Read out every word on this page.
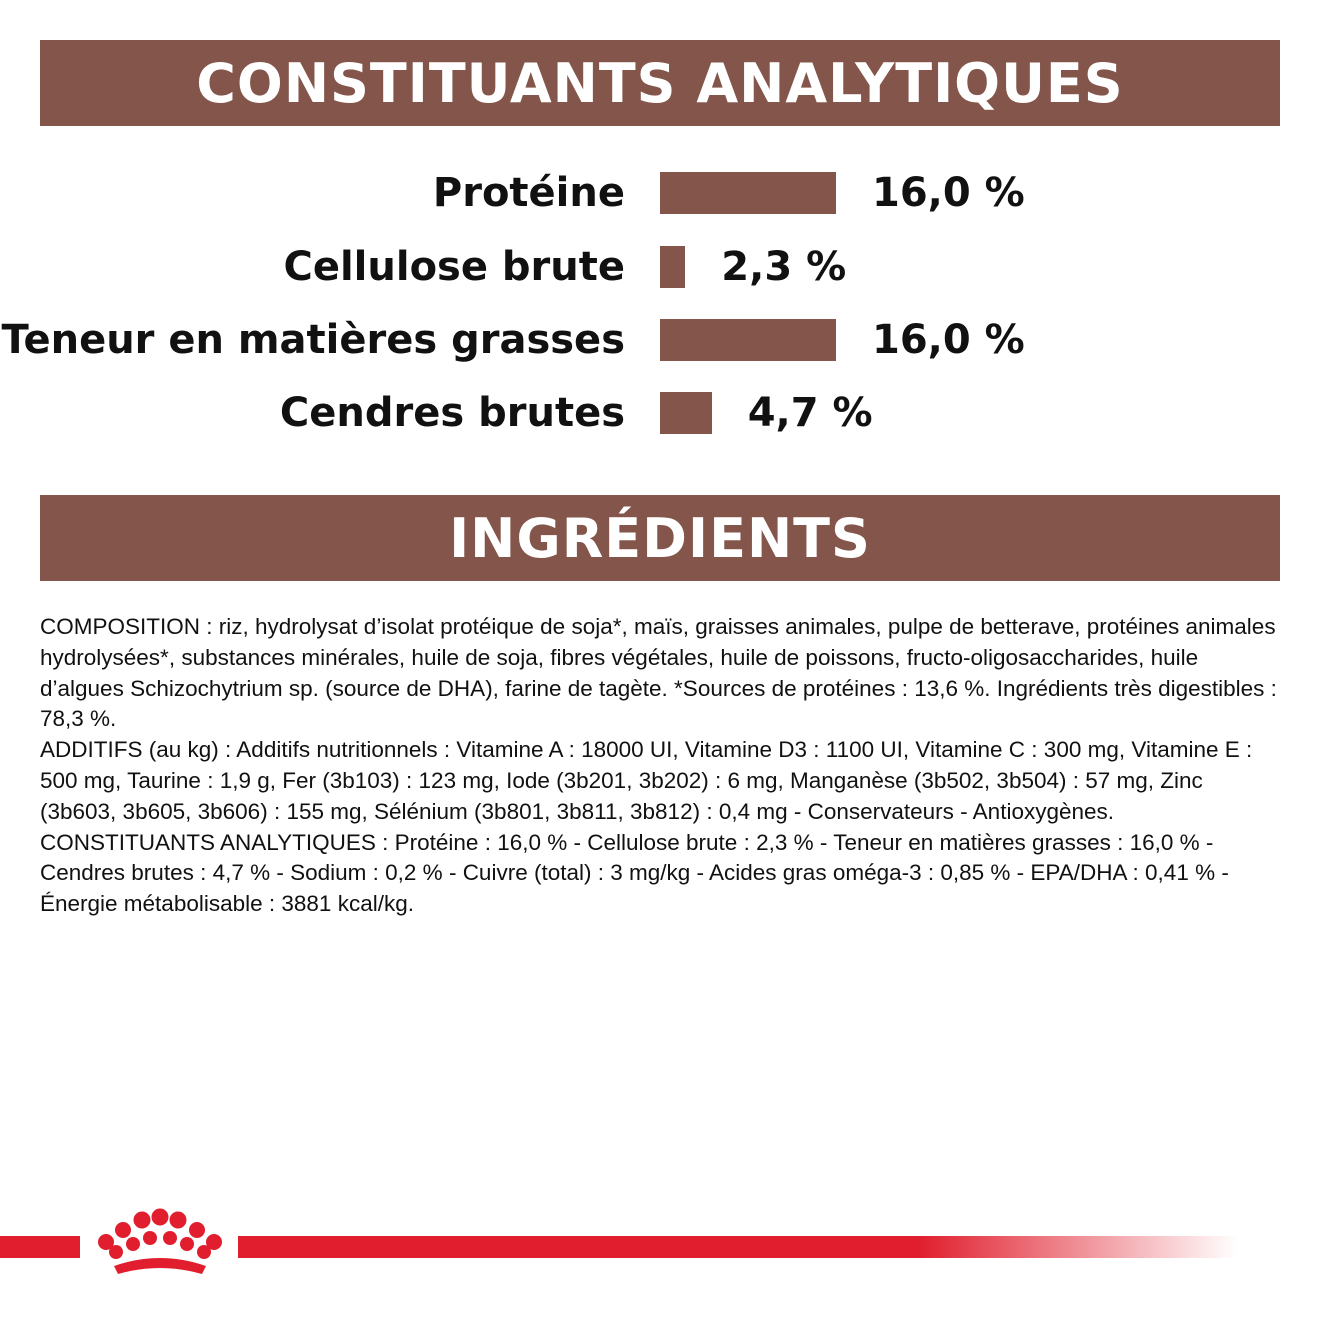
CONSTITUANTS ANALYTIQUES
Protéine	16,0 %
Cellulose brute 2,3 %
Teneur en matières grasses	16,0 %
Cendres brutes	4,7 %
INGRÉDIENTS

COMPOSITION : riz, hydrolysat d’isolat protéique de soja*, maïs, graisses animales, pulpe de betterave, protéines animales hydrolysées*, substances minérales, huile de soja, fibres végétales, huile de poissons, fructo-oligosaccharides, huile d’algues Schizochytrium sp. (source de DHA), farine de tagète. *Sources de protéines : 13,6 %. Ingrédients très digestibles : 78,3 %.

ADDITIFS (au kg) : Additifs nutritionnels : Vitamine A : 18000 UI, Vitamine D3 : 1100 UI, Vitamine C : 300 mg, Vitamine E : 500 mg, Taurine : 1,9 g, Fer (3b103) : 123 mg, Iode (3b201, 3b202) : 6 mg, Manganèse (3b502, 3b504) : 57 mg, Zinc (3b603, 3b605, 3b606) : 155 mg, Sélénium (3b801, 3b811, 3b812) : 0,4 mg - Conservateurs - Antioxygènes.

CONSTITUANTS ANALYTIQUES : Protéine : 16,0 % - Cellulose brute : 2,3 % - Teneur en matières grasses : 16,0 % - Cendres brutes : 4,7 % - Sodium : 0,2 % - Cuivre (total) : 3 mg/kg - Acides gras oméga-3 : 0,85 % - EPA/DHA : 0,41 % - Énergie métabolisable : 3881 kcal/kg.
